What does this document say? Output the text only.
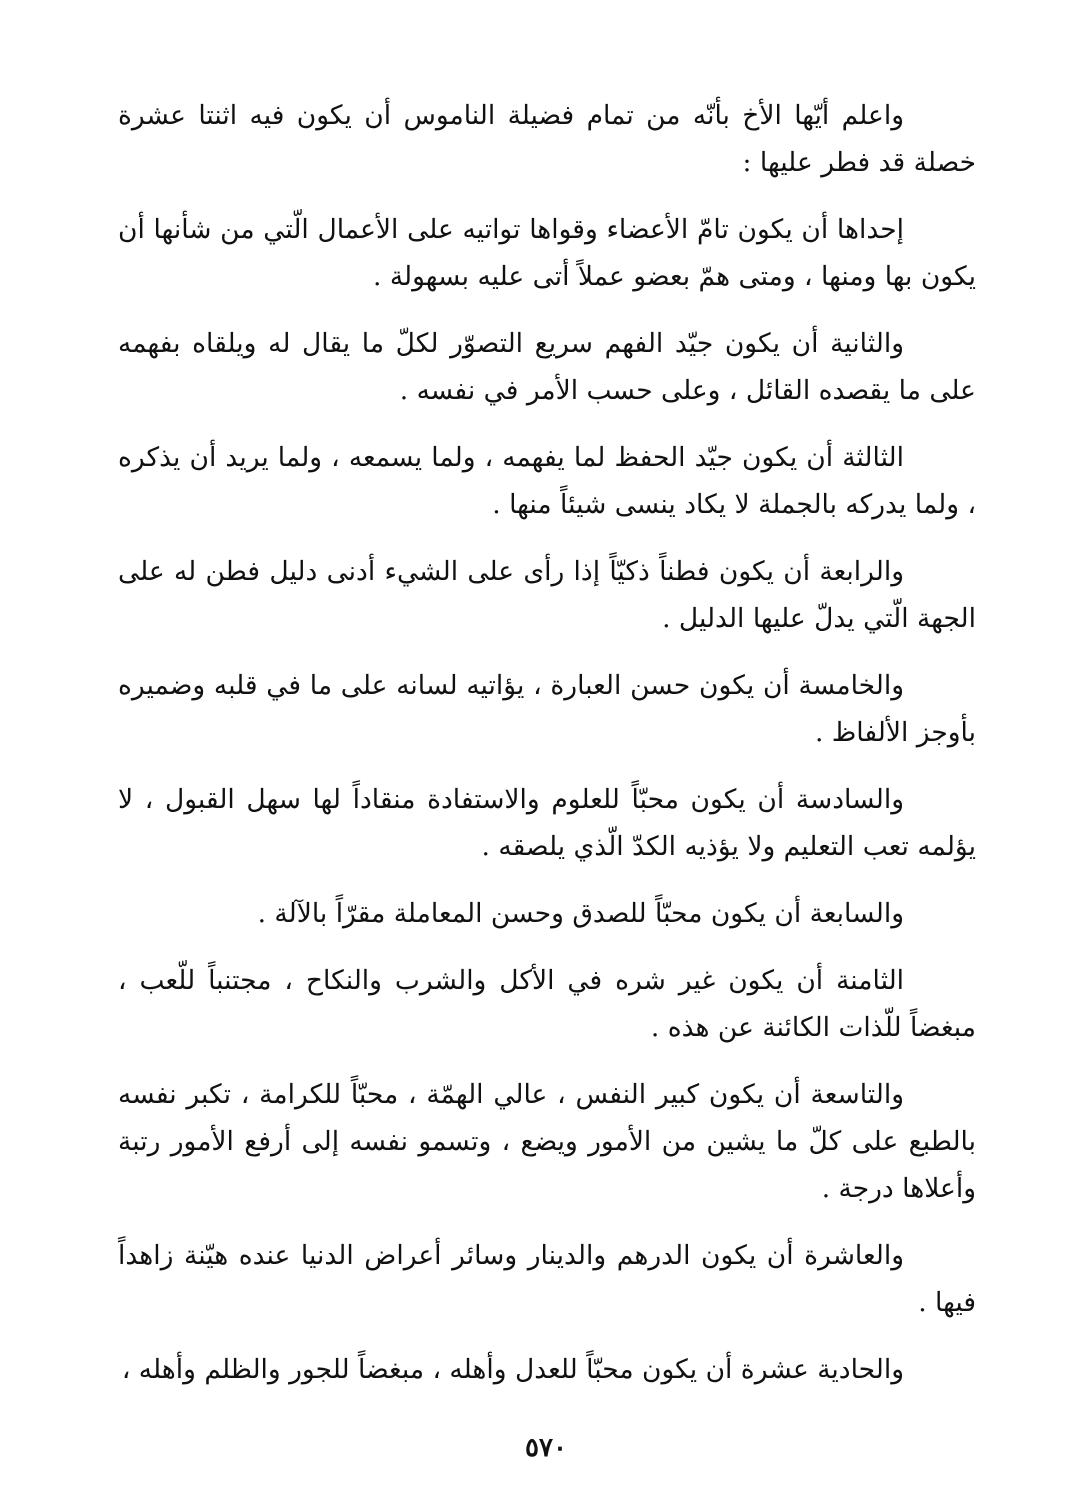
واعلم أيّها الأخ بأنّه من تمام فضيلة الناموس أن يكون فيه اثنتا عشرة خصلة قد فطر عليها :

إحداها أن يكون تامّ الأعضاء وقواها تواتيه على الأعمال الّتي من شأنها أن يكون بها ومنها ، ومتى همّ بعضو عملاً أتى عليه بسهولة .

والثانية أن يكون جيّد الفهم سريع التصوّر لكلّ ما يقال له ويلقاه بفهمه على ما يقصده القائل ، وعلى حسب الأمر في نفسه .

الثالثة أن يكون جيّد الحفظ لما يفهمه ، ولما يسمعه ، ولما يريد أن يذكره ، ولما يدركه بالجملة لا يكاد ينسى شيئاً منها .

والرابعة أن يكون فطناً ذكيّاً إذا رأى على الشيء أدنى دليل فطن له على الجهة الّتي يدلّ عليها الدليل .

والخامسة أن يكون حسن العبارة ، يؤاتيه لسانه على ما في قلبه وضميره بأوجز الألفاظ .

والسادسة أن يكون محبّاً للعلوم والاستفادة منقاداً لها سهل القبول ، لا يؤلمه تعب التعليم ولا يؤذيه الكدّ الّذي يلصقه .

والسابعة أن يكون محبّاً للصدق وحسن المعاملة مقرّاً بالآلة .

الثامنة أن يكون غير شره في الأكل والشرب والنكاح ، مجتنباً للّعب ، مبغضاً للّذات الكائنة عن هذه .

والتاسعة أن يكون كبير النفس ، عالي الهمّة ، محبّاً للكرامة ، تكبر نفسه بالطبع على كلّ ما يشين من الأمور ويضع ، وتسمو نفسه إلى أرفع الأمور رتبة وأعلاها درجة .

والعاشرة أن يكون الدرهم والدينار وسائر أعراض الدنيا عنده هيّنة زاهداً فيها .

والحادية عشرة أن يكون محبّاً للعدل وأهله ، مبغضاً للجور والظلم وأهله ،

٥٧٠
